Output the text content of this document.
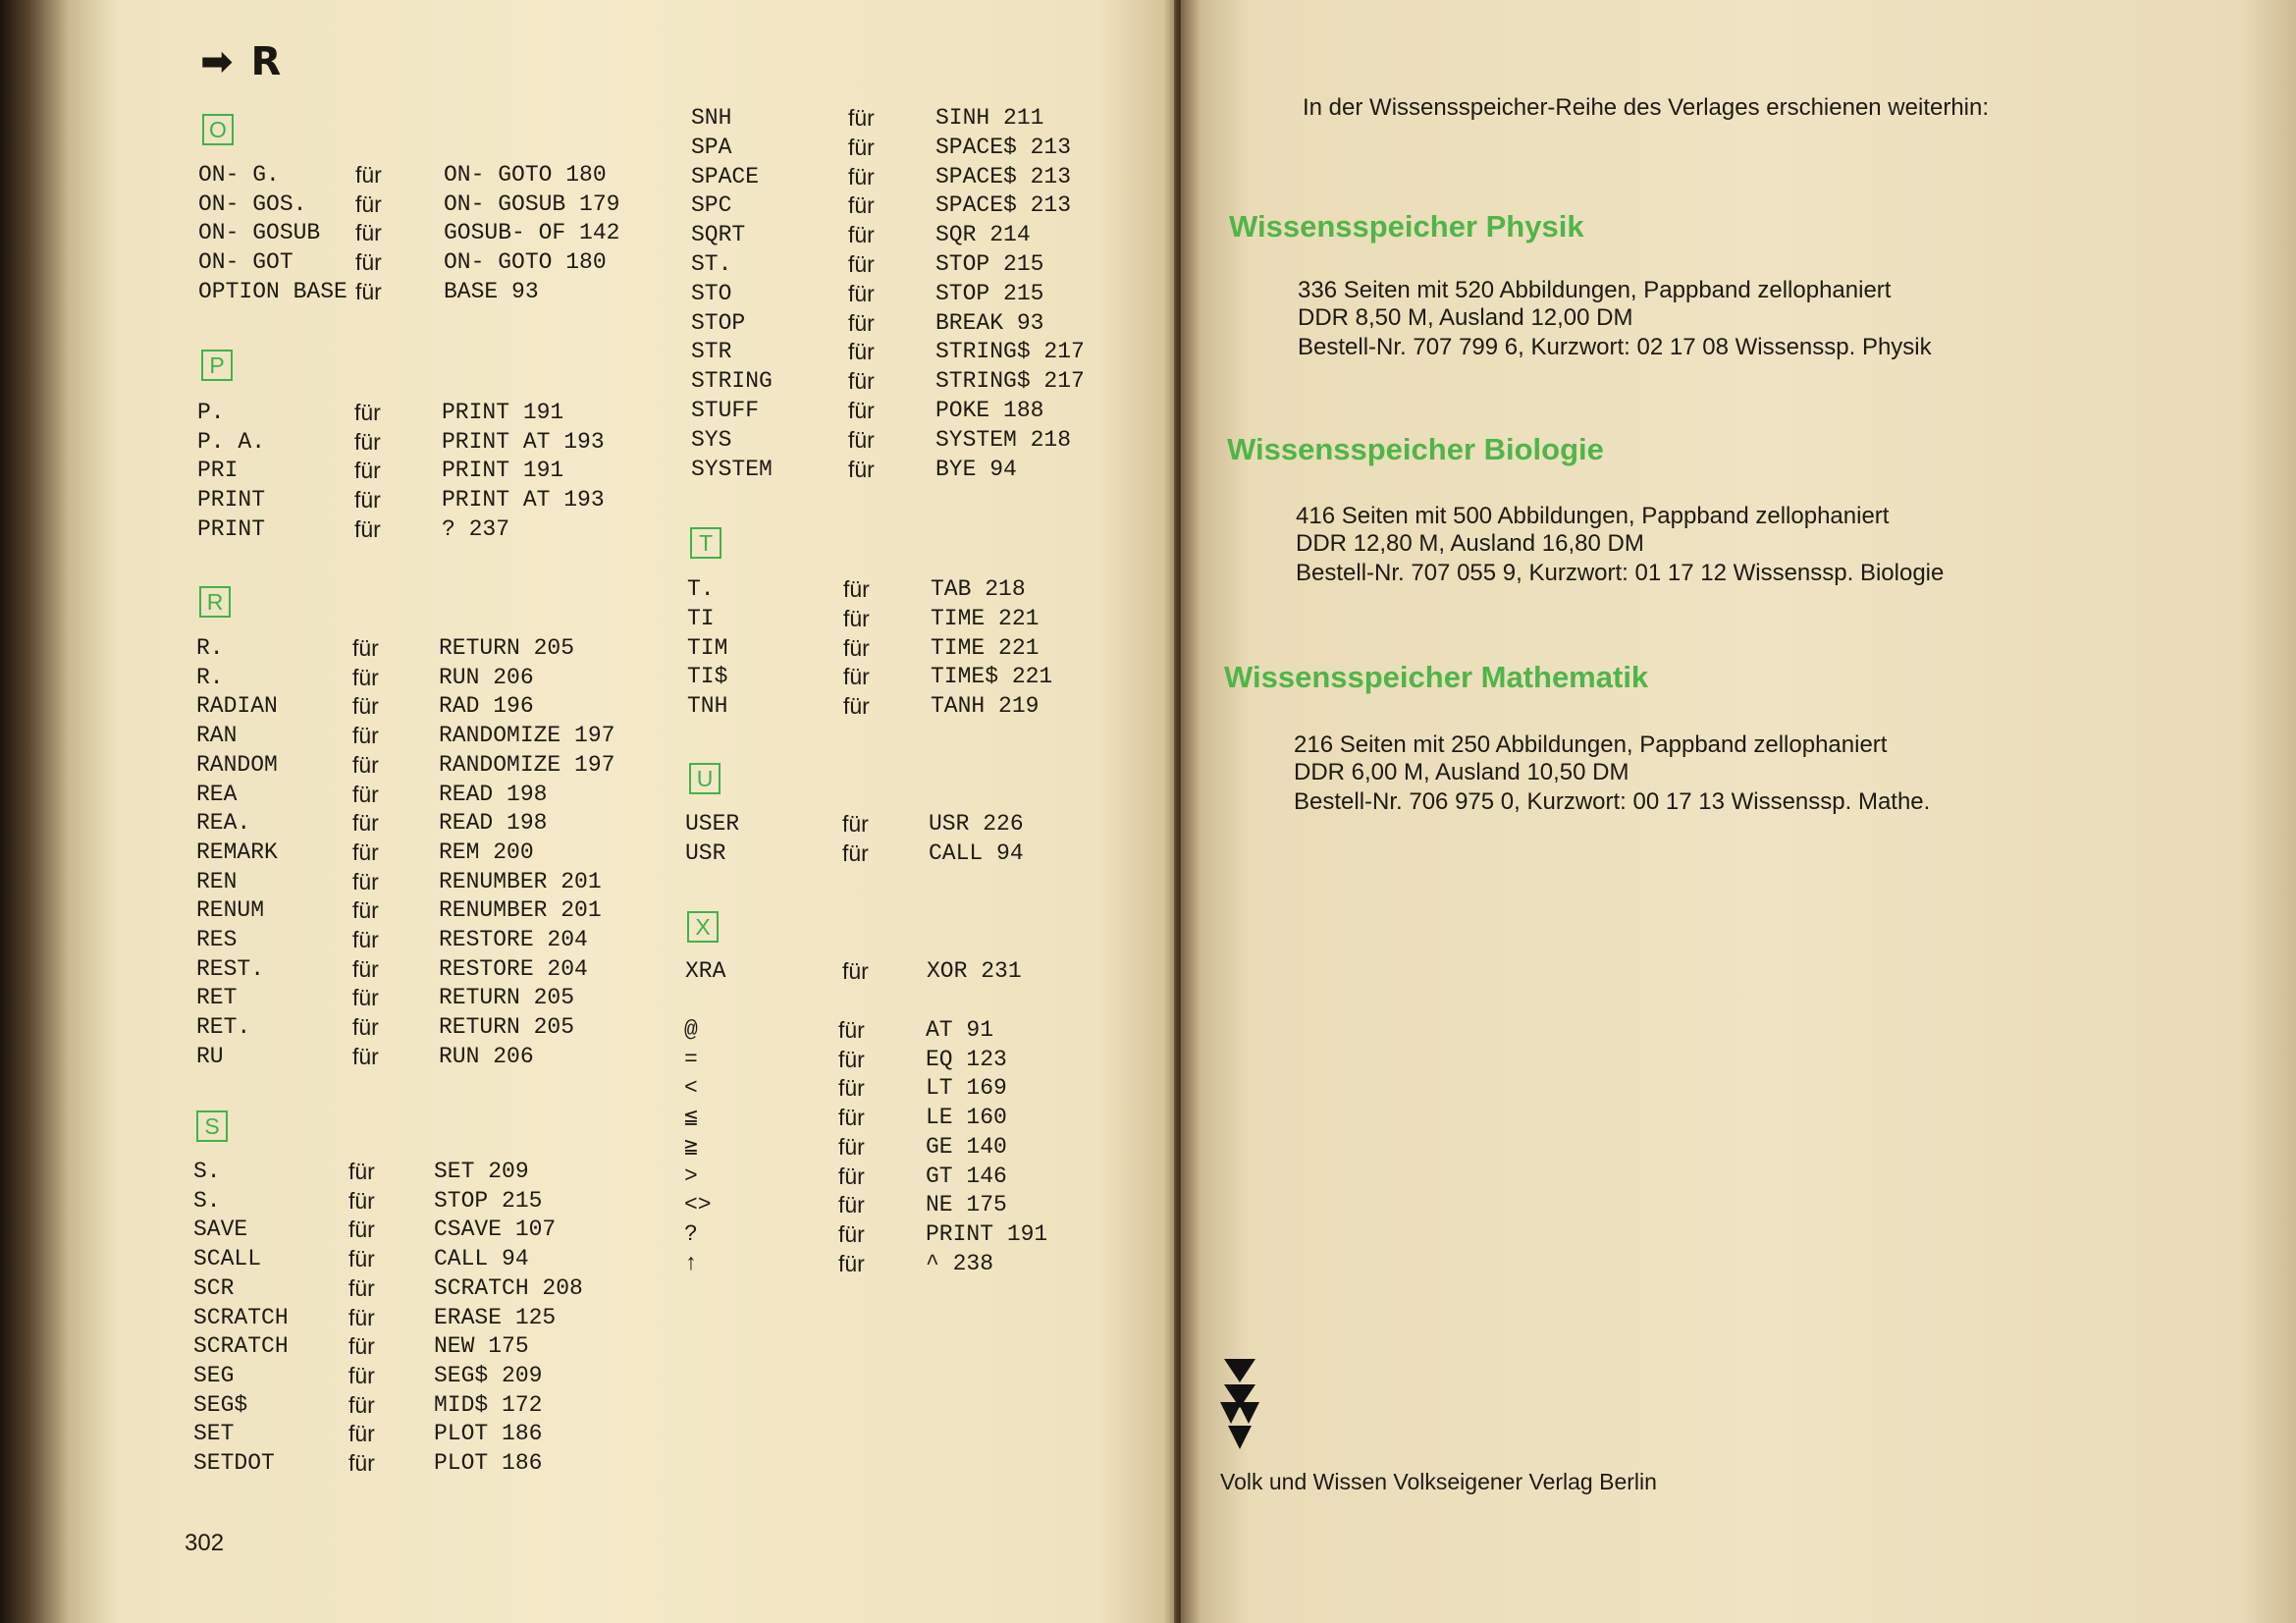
➡ R
O
ON- G.	für	ON- GOTO 180
ON- GOS. für	ON- GOSUB 179
ON- GOSUB für	GOSUB- OF 142
ON- GOT	für	ON- GOTO 180
OPTION BASE für	BASE 93
P
P.	für	PRINT 191
P. A.	für	PRINT AT 193
PRI	für	PRINT 191
PRINT	für	PRINT AT 193
PRINT	für	? 237
R
R.	für	RETURN 205
R.	für	RUN 206
RADIAN	für	RAD 196
RAN	für	RANDOMIZE 197
RANDOM	für	RANDOMIZE 197
REA	für	READ 198
REA.	für	READ 198
REMARK	für	REM 200
REN	für	RENUMBER 201
RENUM	für	RENUMBER 201
RES	für	RESTORE 204
REST.	für	RESTORE 204
RET	für	RETURN 205
RET.	für	RETURN 205
RU	für	RUN 206
S
S.	für	SET 209
S.	für	STOP 215
SAVE	für	CSAVE 107
SCALL	für	CALL 94
SCR	für	SCRATCH 208
SCRATCH	für	ERASE 125
SCRATCH	für	NEW 175
SEG	für	SEG$ 209
SEG$	für	MID$ 172
SET	für	PLOT 186
SETDOT	für	PLOT 186
SNH	für	SINH 211
SPA	für	SPACE$ 213
SPACE	für	SPACE$ 213
SPC	für	SPACE$ 213
SQRT	für	SQR 214
ST.	für	STOP 215
STO	für	STOP 215
STOP	für	BREAK 93
STR	für	STRING$ 217
STRING	für	STRING$ 217
STUFF	für	POKE 188
SYS	für	SYSTEM 218
SYSTEM	für	BYE 94
T
T.	für	TAB 218
TI	für	TIME 221
TIM	für	TIME 221
TI$	für	TIME$ 221
TNH	für	TANH 219
U
USER	für	USR 226
USR	für	CALL 94
X
XRA	für	XOR 231
@	für	AT 91
=	für	EQ 123
<	für	LT 169
≦	für	LE 160
≧	für	GE 140
>	für	GT 146
<>	für	NE 175
?	für	PRINT 191
↑	für	^ 238
302
In der Wissensspeicher-Reihe des Verlages erschienen weiterhin:
Wissensspeicher Physik
336 Seiten mit 520 Abbildungen, Pappband zellophaniert
DDR 8,50 M, Ausland 12,00 DM
Bestell-Nr. 707 799 6, Kurzwort: 02 17 08 Wissenssp. Physik
Wissensspeicher Biologie
416 Seiten mit 500 Abbildungen, Pappband zellophaniert
DDR 12,80 M, Ausland 16,80 DM
Bestell-Nr. 707 055 9, Kurzwort: 01 17 12 Wissenssp. Biologie
Wissensspeicher Mathematik
216 Seiten mit 250 Abbildungen, Pappband zellophaniert
DDR 6,00 M, Ausland 10,50 DM
Bestell-Nr. 706 975 0, Kurzwort: 00 17 13 Wissenssp. Mathe.
Volk und Wissen Volkseigener Verlag Berlin
